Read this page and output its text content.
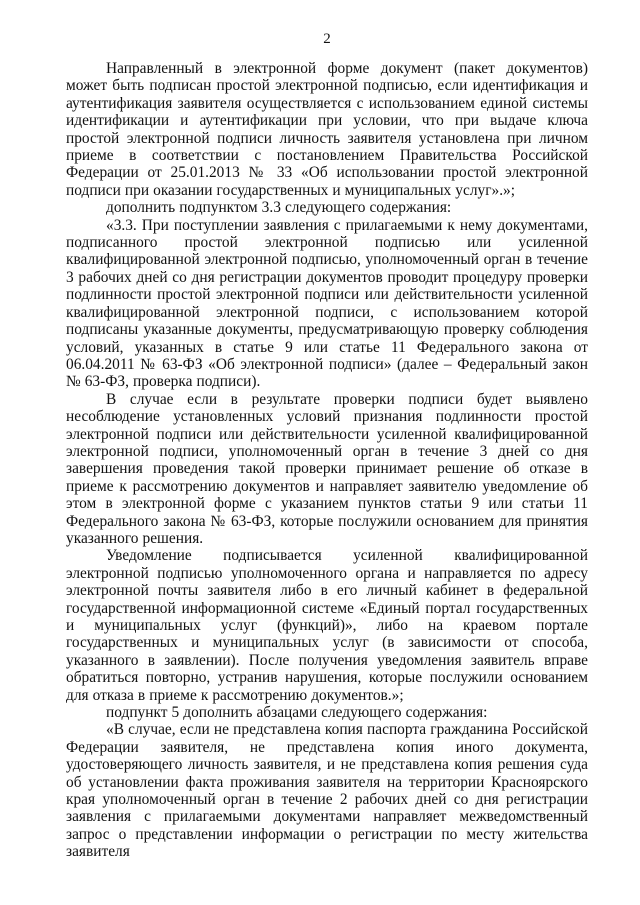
2

Направленный в электронной форме документ (пакет документов) может быть подписан простой электронной подписью, если идентификация и аутентификация заявителя осуществляется с использованием единой системы идентификации и аутентификации при условии, что при выдаче ключа простой электронной подписи личность заявителя установлена при личном приеме в соответствии с постановлением Правительства Российской Федерации от 25.01.2013 № 33 «Об использовании простой электронной подписи при оказании государственных и муниципальных услуг».»;

дополнить подпунктом 3.3 следующего содержания:

«3.3. При поступлении заявления с прилагаемыми к нему документами, подписанного простой электронной подписью или усиленной квалифицированной электронной подписью, уполномоченный орган в течение 3 рабочих дней со дня регистрации документов проводит процедуру проверки подлинности простой электронной подписи или действительности усиленной квалифицированной электронной подписи, с использованием которой подписаны указанные документы, предусматривающую проверку соблюдения условий, указанных в статье 9 или статье 11 Федерального закона от 06.04.2011 № 63-ФЗ «Об электронной подписи» (далее – Федеральный закон № 63-ФЗ, проверка подписи).

В случае если в результате проверки подписи будет выявлено несоблюдение установленных условий признания подлинности простой электронной подписи или действительности усиленной квалифицированной электронной подписи, уполномоченный орган в течение 3 дней со дня завершения проведения такой проверки принимает решение об отказе в приеме к рассмотрению документов и направляет заявителю уведомление об этом в электронной форме с указанием пунктов статьи 9 или статьи 11 Федерального закона № 63-ФЗ, которые послужили основанием для принятия указанного решения.

Уведомление подписывается усиленной квалифицированной электронной подписью уполномоченного органа и направляется по адресу электронной почты заявителя либо в его личный кабинет в федеральной государственной информационной системе «Единый портал государственных и муниципальных услуг (функций)», либо на краевом портале государственных и муниципальных услуг (в зависимости от способа, указанного в заявлении). После получения уведомления заявитель вправе обратиться повторно, устранив нарушения, которые послужили основанием для отказа в приеме к рассмотрению документов.»;

подпункт 5 дополнить абзацами следующего содержания:

«В случае, если не представлена копия паспорта гражданина Российской Федерации заявителя, не представлена копия иного документа, удостоверяющего личность заявителя, и не представлена копия решения суда об установлении факта проживания заявителя на территории Красноярского края уполномоченный орган в течение 2 рабочих дней со дня регистрации заявления с прилагаемыми документами направляет межведомственный запрос о представлении информации о регистрации по месту жительства заявителя
